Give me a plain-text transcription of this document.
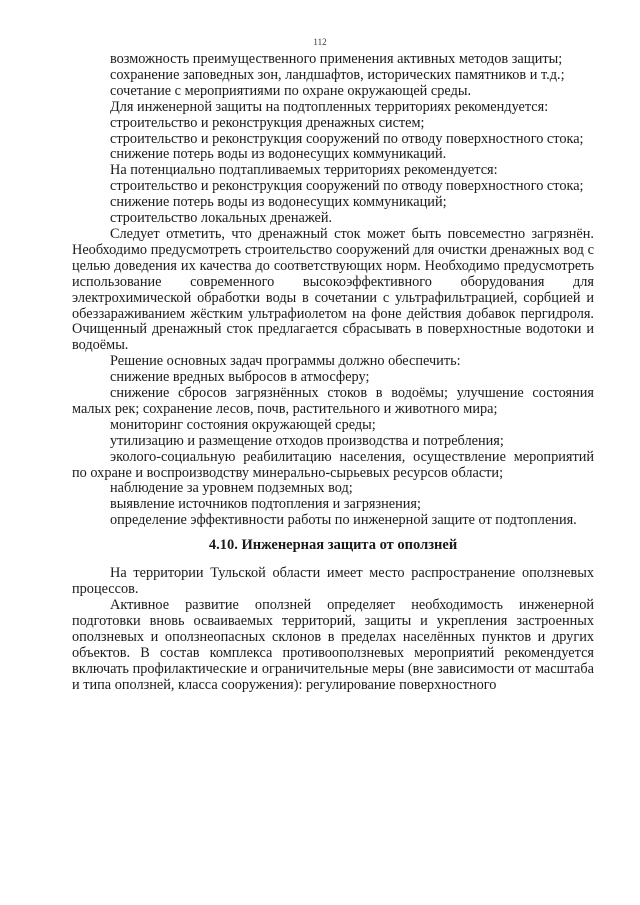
112

возможность преимущественного применения активных методов защиты;

сохранение заповедных зон, ландшафтов, исторических памятников и т.д.;

сочетание с мероприятиями по охране окружающей среды.

Для инженерной защиты на подтопленных территориях рекомендуется:

строительство и реконструкция дренажных систем;

строительство и реконструкция сооружений по отводу поверхностного стока;

снижение потерь воды из водонесущих коммуникаций.

На потенциально подтапливаемых территориях рекомендуется:

строительство и реконструкция сооружений по отводу поверхностного стока;

снижение потерь воды из водонесущих коммуникаций;

строительство локальных дренажей.

Следует отметить, что дренажный сток может быть повсеместно загрязнён. Необходимо предусмотреть строительство сооружений для очистки дренажных вод с целью доведения их качества до соответствующих норм. Необходимо предусмотреть использование современного высокоэффективного оборудования для электрохимической обработки воды в сочетании с ультрафильтрацией, сорбцией и обеззараживанием жёстким ультрафиолетом на фоне действия добавок пергидроля. Очищенный дренажный сток предлагается сбрасывать в поверхностные водотоки и водоёмы.

Решение основных задач программы должно обеспечить:

снижение вредных выбросов в атмосферу;

снижение сбросов загрязнённых стоков в водоёмы; улучшение состояния малых рек; сохранение лесов, почв, растительного и животного мира;

мониторинг состояния окружающей среды;

утилизацию и размещение отходов производства и потребления;

эколого-социальную реабилитацию населения, осуществление мероприятий по охране и воспроизводству минерально-сырьевых ресурсов области;

наблюдение за уровнем подземных вод;

выявление источников подтопления и загрязнения;

определение эффективности работы по инженерной защите от подтопления.

4.10. Инженерная защита от оползней

На территории Тульской области имеет место распространение оползневых процессов.

Активное развитие оползней определяет необходимость инженерной подготовки вновь осваиваемых территорий, защиты и укрепления застроенных оползневых и оползнеопасных склонов в пределах населённых пунктов и других объектов. В состав комплекса противооползневых мероприятий рекомендуется включать профилактические и ограничительные меры (вне зависимости от масштаба и типа оползней, класса сооружения): регулирование поверхностного
